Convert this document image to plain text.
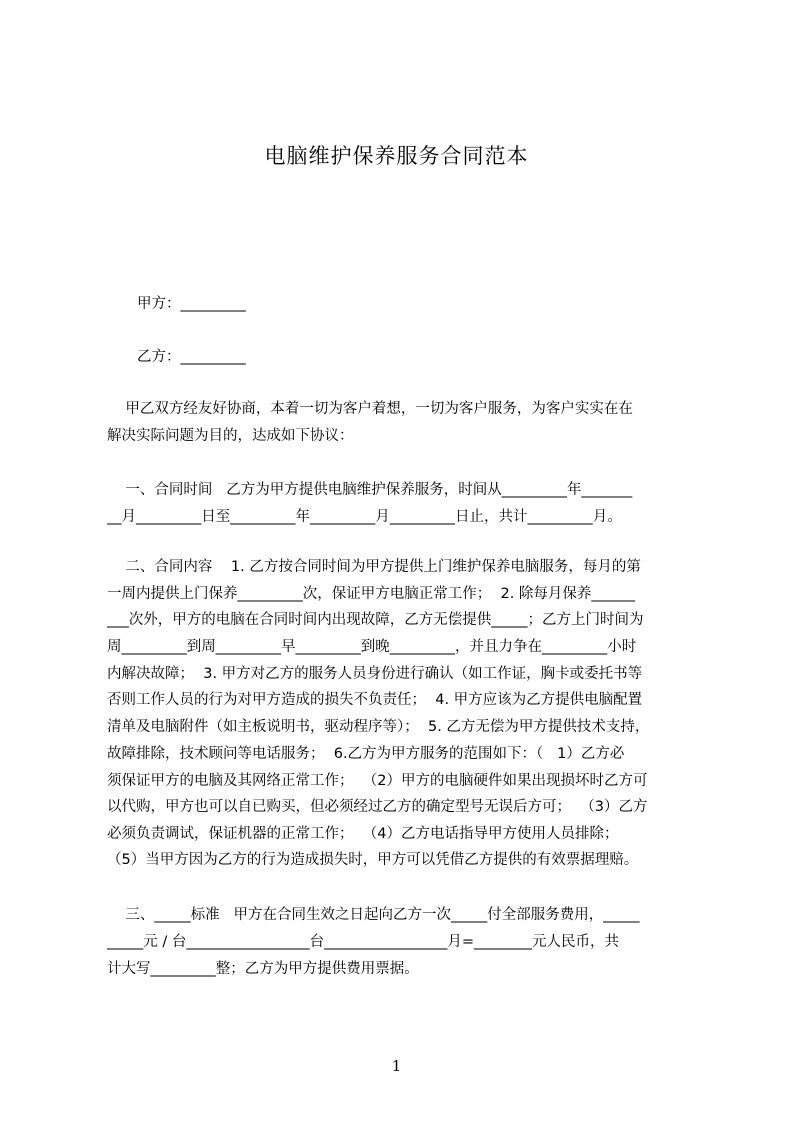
电脑维护保养服务合同范本
甲方：_________
乙方：_________
甲乙双方经友好协商，本着一切为客户着想，一切为客户服务，为客户实实在在
解决实际问题为目的，达成如下协议：
一、合同时间   乙方为甲方提供电脑维护保养服务，时间从_________年_______
__月_________日至_________年_________月_________日止，共计_________月。
二、合同内容    1. 乙方按合同时间为甲方提供上门维护保养电脑服务，每月的第
一周内提供上门保养_________次，保证甲方电脑正常工作；  2. 除每月保养______
___次外，甲方的电脑在合同时间内出现故障，乙方无偿提供_____；乙方上门时间为
周_________到周_________早_________到晚_________，并且力争在_________小时
内解决故障；  3. 甲方对乙方的服务人员身份进行确认（如工作证，胸卡或委托书等
否则工作人员的行为对甲方造成的损失不负责任；  4. 甲方应该为乙方提供电脑配置
清单及电脑附件（如主板说明书，驱动程序等）；  5. 乙方无偿为甲方提供技术支持，
故障排除，技术顾问等电话服务；  6.乙方为甲方服务的范围如下：（   1）乙方必
须保证甲方的电脑及其网络正常工作；  （2）甲方的电脑硬件如果出现损坏时乙方可
以代购，甲方也可以自已购买，但必须经过乙方的确定型号无误后方可；  （3）乙方
必须负责调试，保证机器的正常工作；  （4）乙方电话指导甲方使用人员排除；
（5）当甲方因为乙方的行为造成损失时，甲方可以凭借乙方提供的有效票据理赔。
三、_____标准   甲方在合同生效之日起向乙方一次_____付全部服务费用，_____
_____元 / 台_________________台_________________月=________元人民币，共
计大写_________整；乙方为甲方提供费用票据。
1
